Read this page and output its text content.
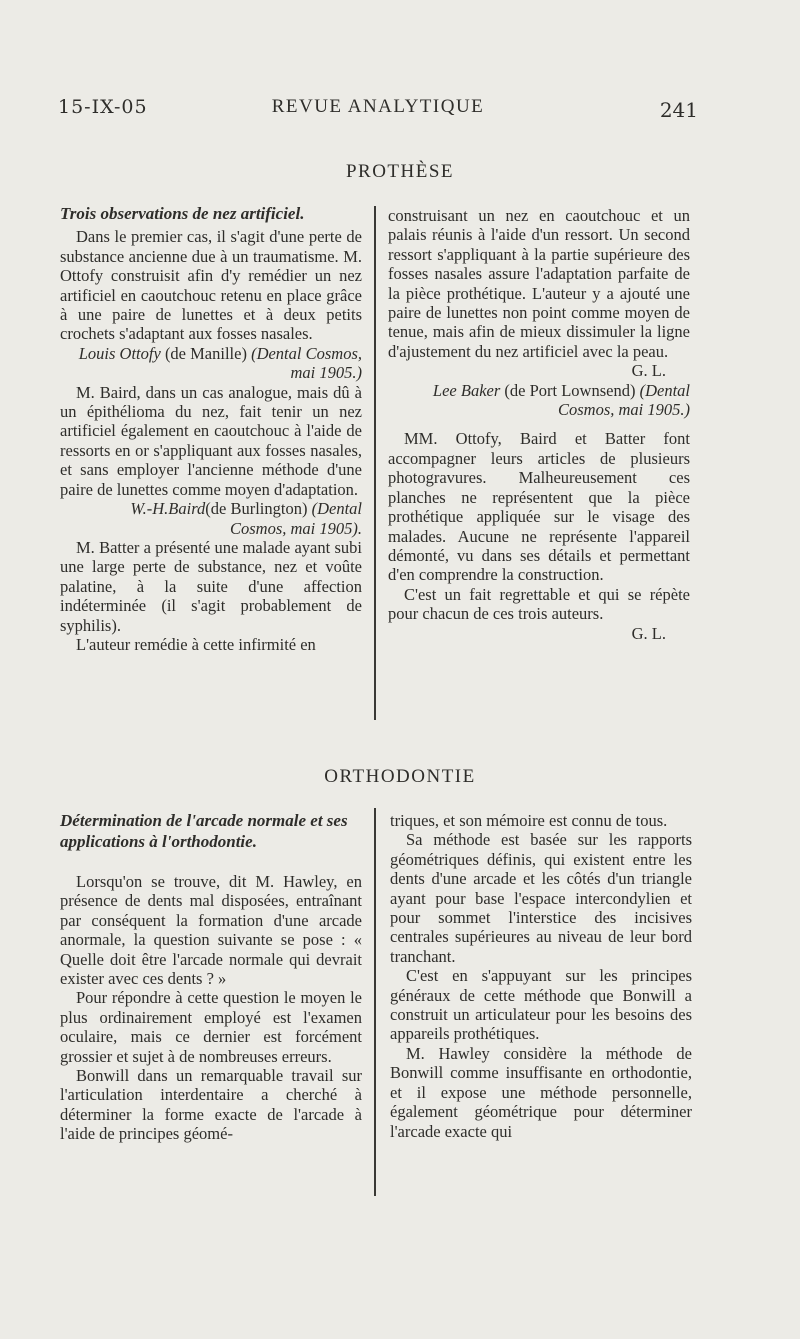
15-IX-05	REVUE ANALYTIQUE	241
PROTHÈSE

Trois observations de nez artificiel.

Dans le premier cas, il s'agit d'une perte de substance ancienne due à un traumatisme. M. Ottofy construisit afin d'y remédier un nez artificiel en caoutchouc retenu en place grâce à une paire de lunettes et à deux petits crochets s'adaptant aux fosses nasales.

Louis Ottofy (de Manille) (Dental Cosmos, mai 1905.)

M. Baird, dans un cas analogue, mais dû à un épithélioma du nez, fait tenir un nez artificiel également en caoutchouc à l'aide de ressorts en or s'appliquant aux fosses nasales, et sans employer l'ancienne méthode d'une paire de lunettes comme moyen d'adaptation.

W.-H.Baird(de Burlington) (Dental Cosmos, mai 1905).

M. Batter a présenté une malade ayant subi une large perte de substance, nez et voûte palatine, à la suite d'une affection indéterminée (il s'agit probablement de syphilis).

L'auteur remédie à cette infirmité en

construisant un nez en caoutchouc et un palais réunis à l'aide d'un ressort. Un second ressort s'appliquant à la partie supérieure des fosses nasales assure l'adaptation parfaite de la pièce prothétique. L'auteur y a ajouté une paire de lunettes non point comme moyen de tenue, mais afin de mieux dissimuler la ligne d'ajustement du nez artificiel avec la peau.

G. L.

Lee Baker (de Port Lownsend) (Dental Cosmos, mai 1905.)

MM. Ottofy, Baird et Batter font accompagner leurs articles de plusieurs photogravures. Malheureusement ces planches ne représentent que la pièce prothétique appliquée sur le visage des malades. Aucune ne représente l'appareil démonté, vu dans ses détails et permettant d'en comprendre la construction.

C'est un fait regrettable et qui se répète pour chacun de ces trois auteurs.

G. L.

ORTHODONTIE

Détermination de l'arcade normale et ses applications à l'orthodontie.

Lorsqu'on se trouve, dit M. Hawley, en présence de dents mal disposées, entraînant par conséquent la formation d'une arcade anormale, la question suivante se pose : « Quelle doit être l'arcade normale qui devrait exister avec ces dents ? »

Pour répondre à cette question le moyen le plus ordinairement employé est l'examen oculaire, mais ce dernier est forcément grossier et sujet à de nombreuses erreurs.

Bonwill dans un remarquable travail sur l'articulation interdentaire a cherché à déterminer la forme exacte de l'arcade à l'aide de principes géomé-

triques, et son mémoire est connu de tous.

Sa méthode est basée sur les rapports géométriques définis, qui existent entre les dents d'une arcade et les côtés d'un triangle ayant pour base l'espace intercondylien et pour sommet l'interstice des incisives centrales supérieures au niveau de leur bord tranchant.

C'est en s'appuyant sur les principes généraux de cette méthode que Bonwill a construit un articulateur pour les besoins des appareils prothétiques.

M. Hawley considère la méthode de Bonwill comme insuffisante en orthodontie, et il expose une méthode personnelle, également géométrique pour déterminer l'arcade exacte qui
